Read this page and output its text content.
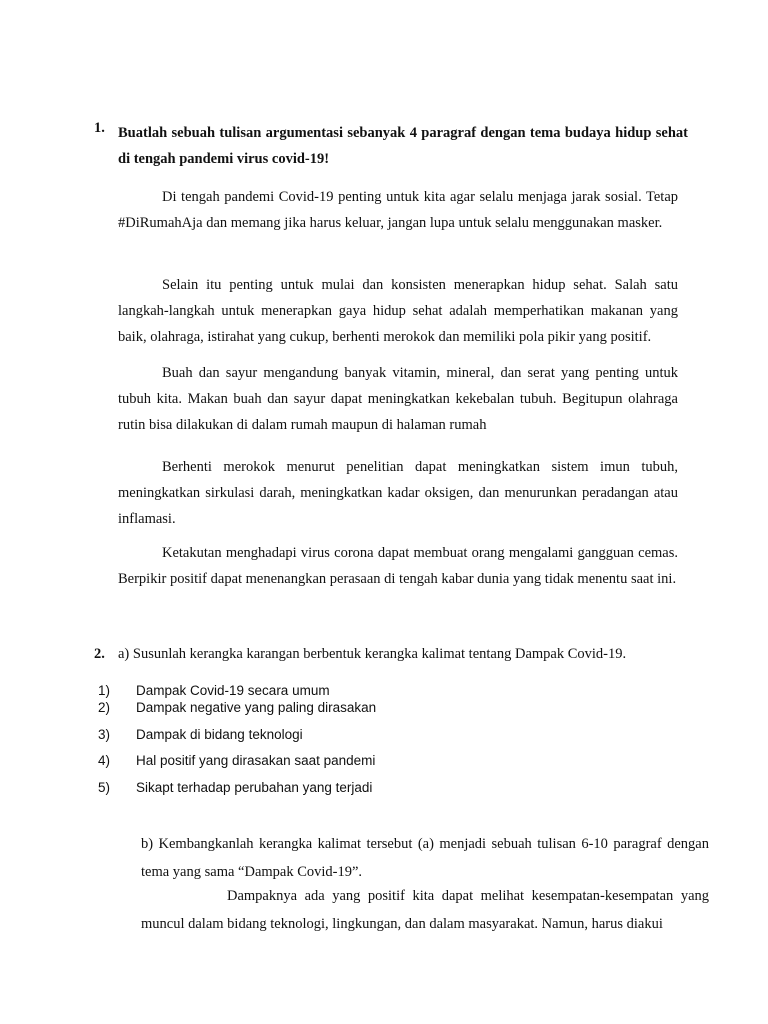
1. Buatlah sebuah tulisan argumentasi sebanyak 4 paragraf dengan tema budaya hidup sehat di tengah pandemi virus covid-19!
Di tengah pandemi Covid-19 penting untuk kita agar selalu menjaga jarak sosial. Tetap #DiRumahAja dan memang jika harus keluar, jangan lupa untuk selalu menggunakan masker.
Selain itu penting untuk mulai dan konsisten menerapkan hidup sehat. Salah satu langkah-langkah untuk menerapkan gaya hidup sehat adalah memperhatikan makanan yang baik, olahraga, istirahat yang cukup, berhenti merokok dan memiliki pola pikir yang positif.
Buah dan sayur mengandung banyak vitamin, mineral, dan serat yang penting untuk tubuh kita. Makan buah dan sayur dapat meningkatkan kekebalan tubuh. Begitupun olahraga rutin bisa dilakukan di dalam rumah maupun di halaman rumah
Berhenti merokok menurut penelitian dapat meningkatkan sistem imun tubuh, meningkatkan sirkulasi darah, meningkatkan kadar oksigen, dan menurunkan peradangan atau inflamasi.
Ketakutan menghadapi virus corona dapat membuat orang mengalami gangguan cemas. Berpikir positif dapat menenangkan perasaan di tengah kabar dunia yang tidak menentu saat ini.
2. a) Susunlah kerangka karangan berbentuk kerangka kalimat tentang Dampak Covid-19.
1) Dampak Covid-19 secara umum
2) Dampak negative yang paling dirasakan
3) Dampak di bidang teknologi
4) Hal positif yang dirasakan saat pandemi
5) Sikapt terhadap perubahan yang terjadi
b) Kembangkanlah kerangka kalimat tersebut (a) menjadi sebuah tulisan 6-10 paragraf dengan tema yang sama “Dampak Covid-19”.
Dampaknya ada yang positif kita dapat melihat kesempatan-kesempatan yang muncul dalam bidang teknologi, lingkungan, dan dalam masyarakat. Namun, harus diakui
